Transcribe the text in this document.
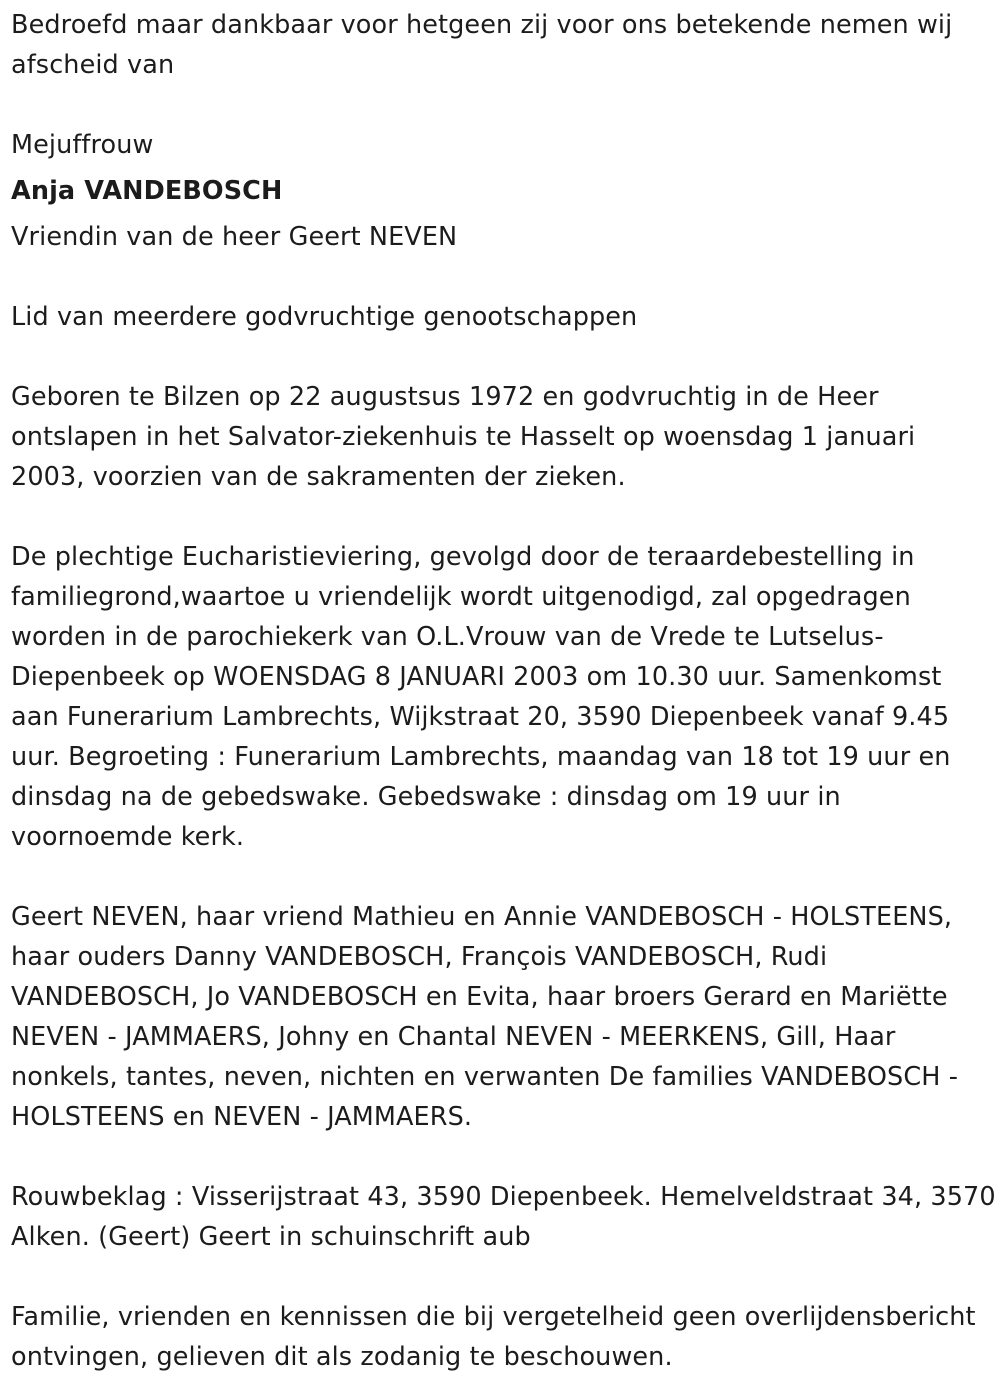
Bedroefd maar dankbaar voor hetgeen zij voor ons betekende nemen wij afscheid van

Mejuffrouw

Anja VANDEBOSCH

Vriendin van de heer Geert NEVEN

Lid van meerdere godvruchtige genootschappen

Geboren te Bilzen op 22 augustsus 1972 en godvruchtig in de Heer ontslapen in het Salvator-ziekenhuis te Hasselt op woensdag 1 januari 2003, voorzien van de sakramenten der zieken.

De plechtige Eucharistieviering, gevolgd door de teraardebestelling in familiegrond,waartoe u vriendelijk wordt uitgenodigd, zal opgedragen worden in de parochiekerk van O.L.Vrouw van de Vrede te Lutselus-Diepenbeek op WOENSDAG 8 JANUARI 2003 om 10.30 uur. Samenkomst aan Funerarium Lambrechts, Wijkstraat 20, 3590 Diepenbeek vanaf 9.45 uur. Begroeting : Funerarium Lambrechts, maandag van 18 tot 19 uur en dinsdag na de gebedswake. Gebedswake : dinsdag om 19 uur in voornoemde kerk.

Geert NEVEN, haar vriend Mathieu en Annie VANDEBOSCH - HOLSTEENS, haar ouders Danny VANDEBOSCH, François VANDEBOSCH, Rudi VANDEBOSCH, Jo VANDEBOSCH en Evita, haar broers Gerard en Mariëtte NEVEN - JAMMAERS, Johny en Chantal NEVEN - MEERKENS, Gill, Haar nonkels, tantes, neven, nichten en verwanten De families VANDEBOSCH - HOLSTEENS en NEVEN - JAMMAERS.

Rouwbeklag : Visserijstraat 43, 3590 Diepenbeek. Hemelveldstraat 34, 3570 Alken. (Geert) Geert in schuinschrift aub

Familie, vrienden en kennissen die bij vergetelheid geen overlijdensbericht ontvingen, gelieven dit als zodanig te beschouwen.
